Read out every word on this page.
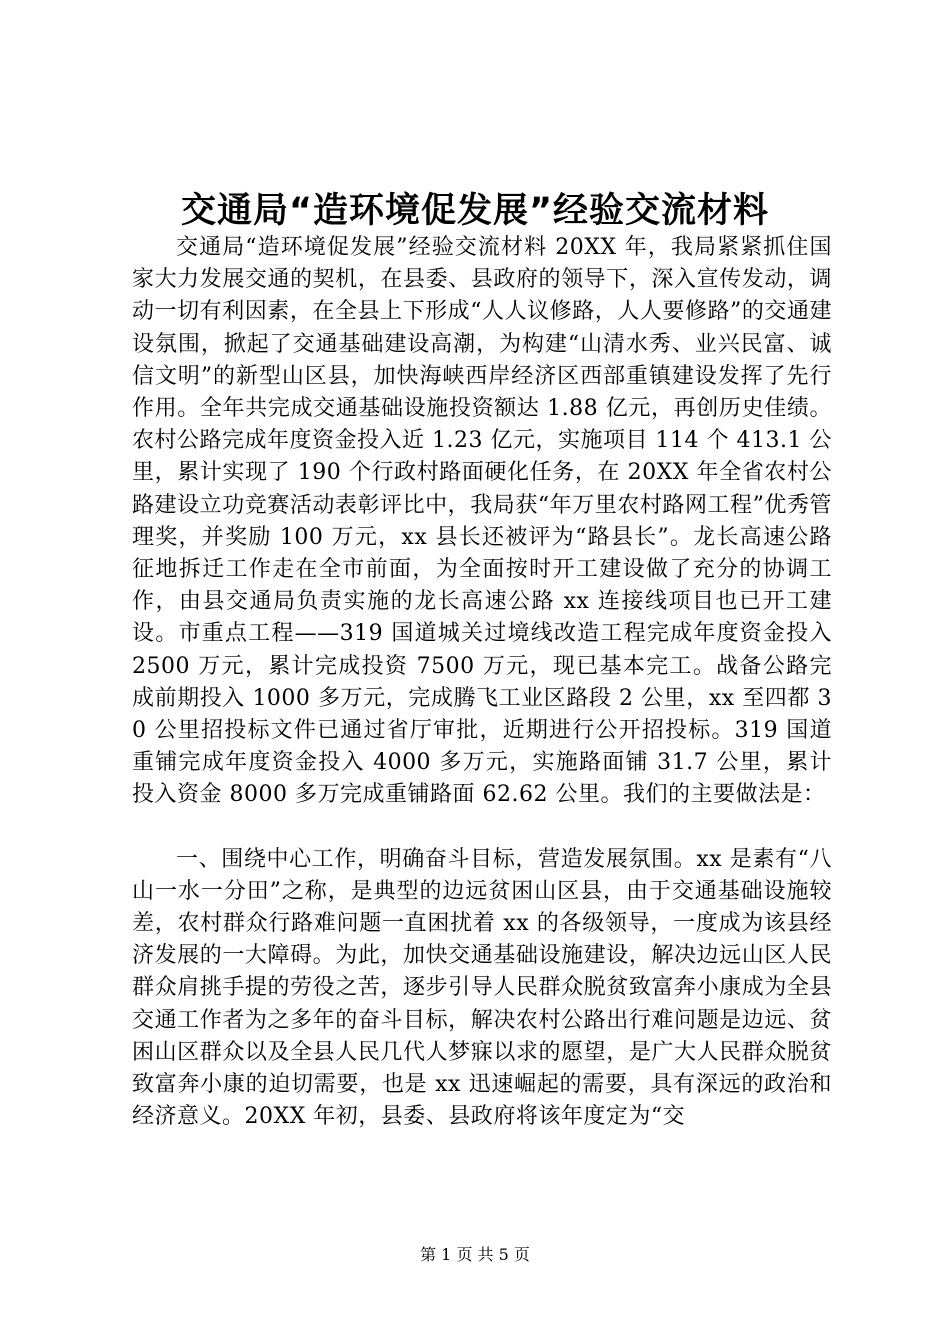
交通局“造环境促发展”经验交流材料

交通局“造环境促发展”经验交流材料 20XX 年，我局紧紧抓住国家大力发展交通的契机，在县委、县政府的领导下，深入宣传发动，调动一切有利因素，在全县上下形成“人人议修路，人人要修路”的交通建设氛围，掀起了交通基础建设高潮，为构建“山清水秀、业兴民富、诚信文明”的新型山区县，加快海峡西岸经济区西部重镇建设发挥了先行作用。全年共完成交通基础设施投资额达 1.88 亿元，再创历史佳绩。农村公路完成年度资金投入近 1.23 亿元，实施项目 114 个 413.1 公里，累计实现了 190 个行政村路面硬化任务，在 20XX 年全省农村公路建设立功竞赛活动表彰评比中，我局获“年万里农村路网工程”优秀管理奖，并奖励 100 万元，xx 县长还被评为“路县长”。龙长高速公路征地拆迁工作走在全市前面，为全面按时开工建设做了充分的协调工作，由县交通局负责实施的龙长高速公路 xx 连接线项目也已开工建设。市重点工程——319 国道城关过境线改造工程完成年度资金投入 2500 万元，累计完成投资 7500 万元，现已基本完工。战备公路完成前期投入 1000 多万元，完成腾飞工业区路段 2 公里，xx 至四都 30 公里招投标文件已通过省厅审批，近期进行公开招投标。319 国道重铺完成年度资金投入 4000 多万元，实施路面铺 31.7 公里，累计投入资金 8000 多万完成重铺路面 62.62 公里。我们的主要做法是：

一、围绕中心工作，明确奋斗目标，营造发展氛围。xx 是素有“八山一水一分田”之称，是典型的边远贫困山区县，由于交通基础设施较差，农村群众行路难问题一直困扰着 xx 的各级领导，一度成为该县经济发展的一大障碍。为此，加快交通基础设施建设，解决边远山区人民群众肩挑手提的劳役之苦，逐步引导人民群众脱贫致富奔小康成为全县交通工作者为之多年的奋斗目标，解决农村公路出行难问题是边远、贫困山区群众以及全县人民几代人梦寐以求的愿望，是广大人民群众脱贫致富奔小康的迫切需要，也是 xx 迅速崛起的需要，具有深远的政治和经济意义。20XX 年初，县委、县政府将该年度定为“交

第 1 页 共 5 页
